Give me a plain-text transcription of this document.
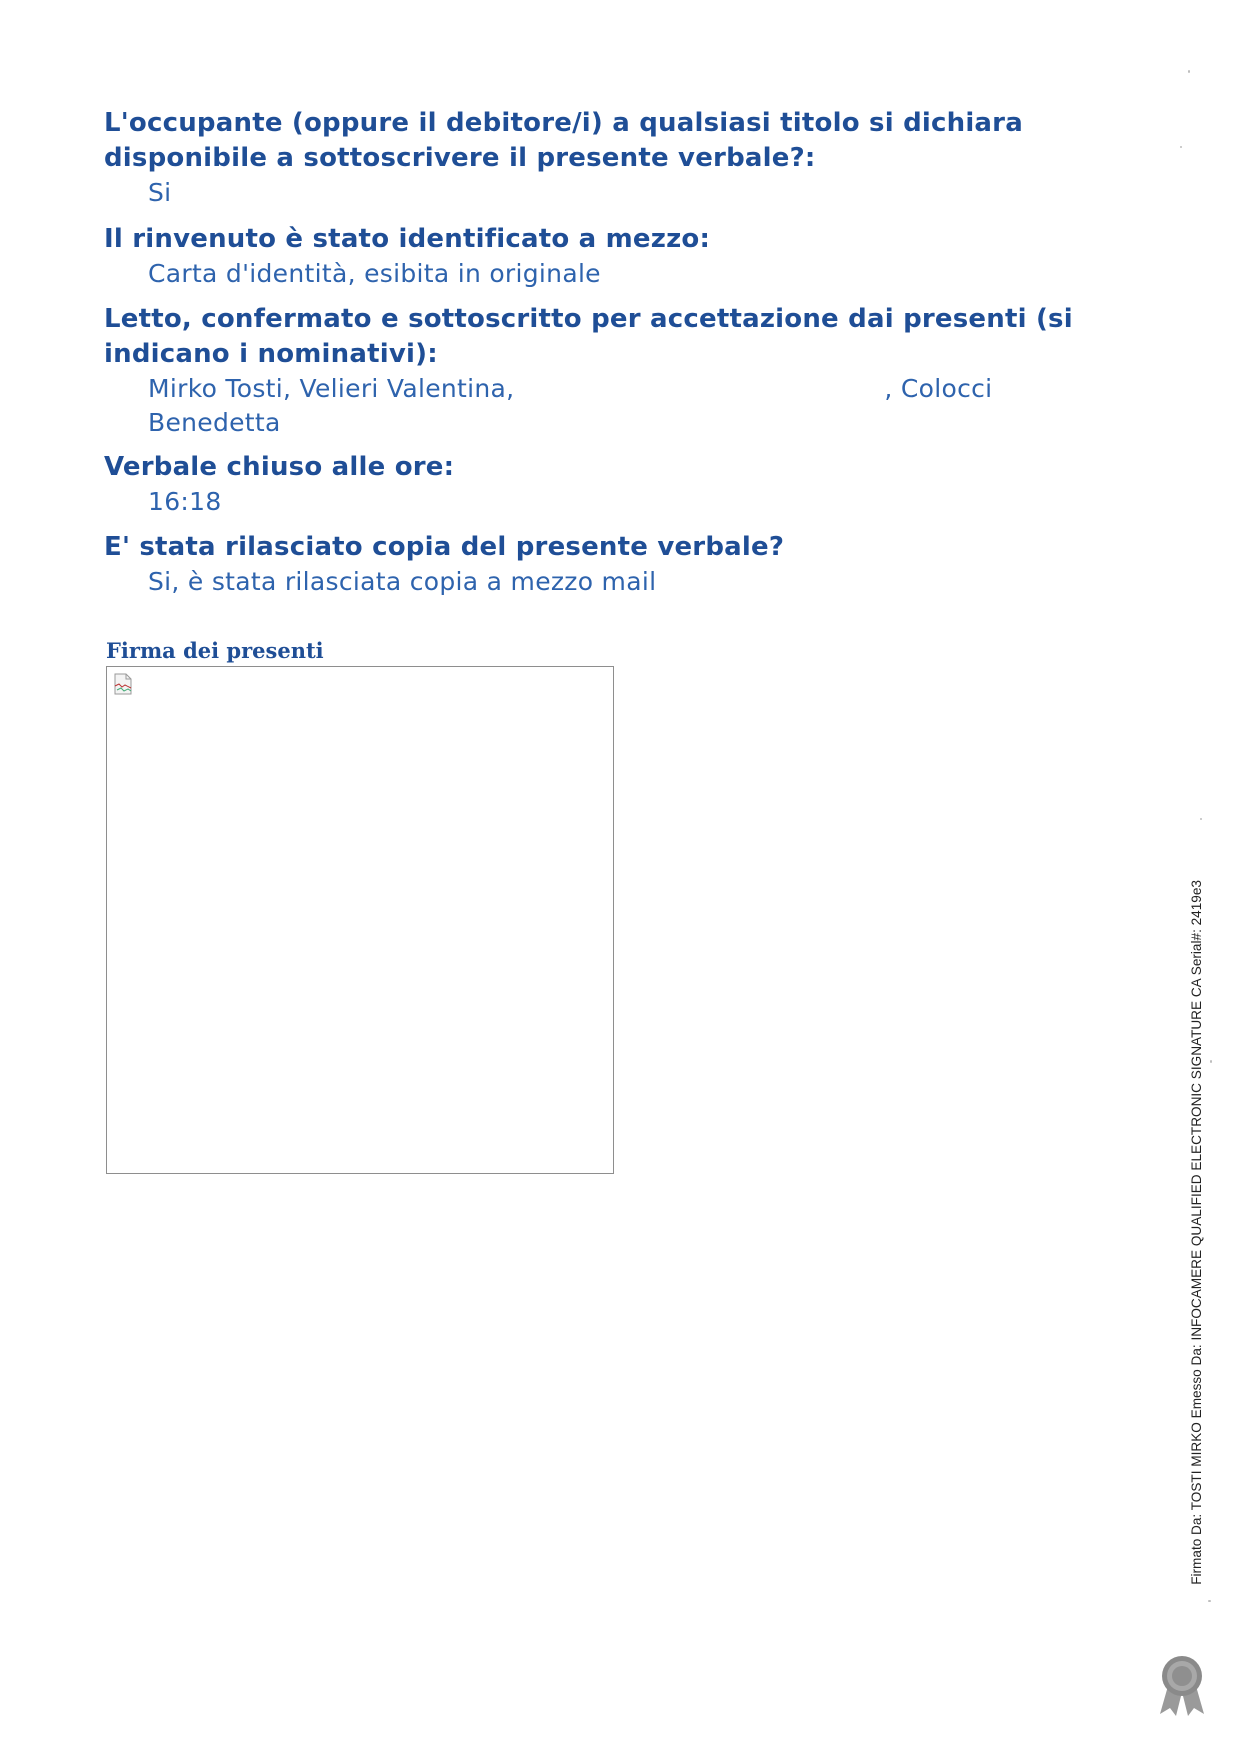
L'occupante (oppure il debitore/i) a qualsiasi titolo si dichiara disponibile a sottoscrivere il presente verbale?:
Si
Il rinvenuto è stato identificato a mezzo:
Carta d'identità, esibita in originale
Letto, confermato e sottoscritto per accettazione dai presenti (si indicano i nominativi):
Mirko Tosti, Velieri Valentina,	, Colocci
Benedetta
Verbale chiuso alle ore:
16:18
E' stata rilasciato copia del presente verbale?
Si, è stata rilasciata copia a mezzo mail
Firma dei presenti
Firmato Da: TOSTI MIRKO Emesso Da: INFOCAMERE QUALIFIED ELECTRONIC SIGNATURE CA Serial#: 2419e3
